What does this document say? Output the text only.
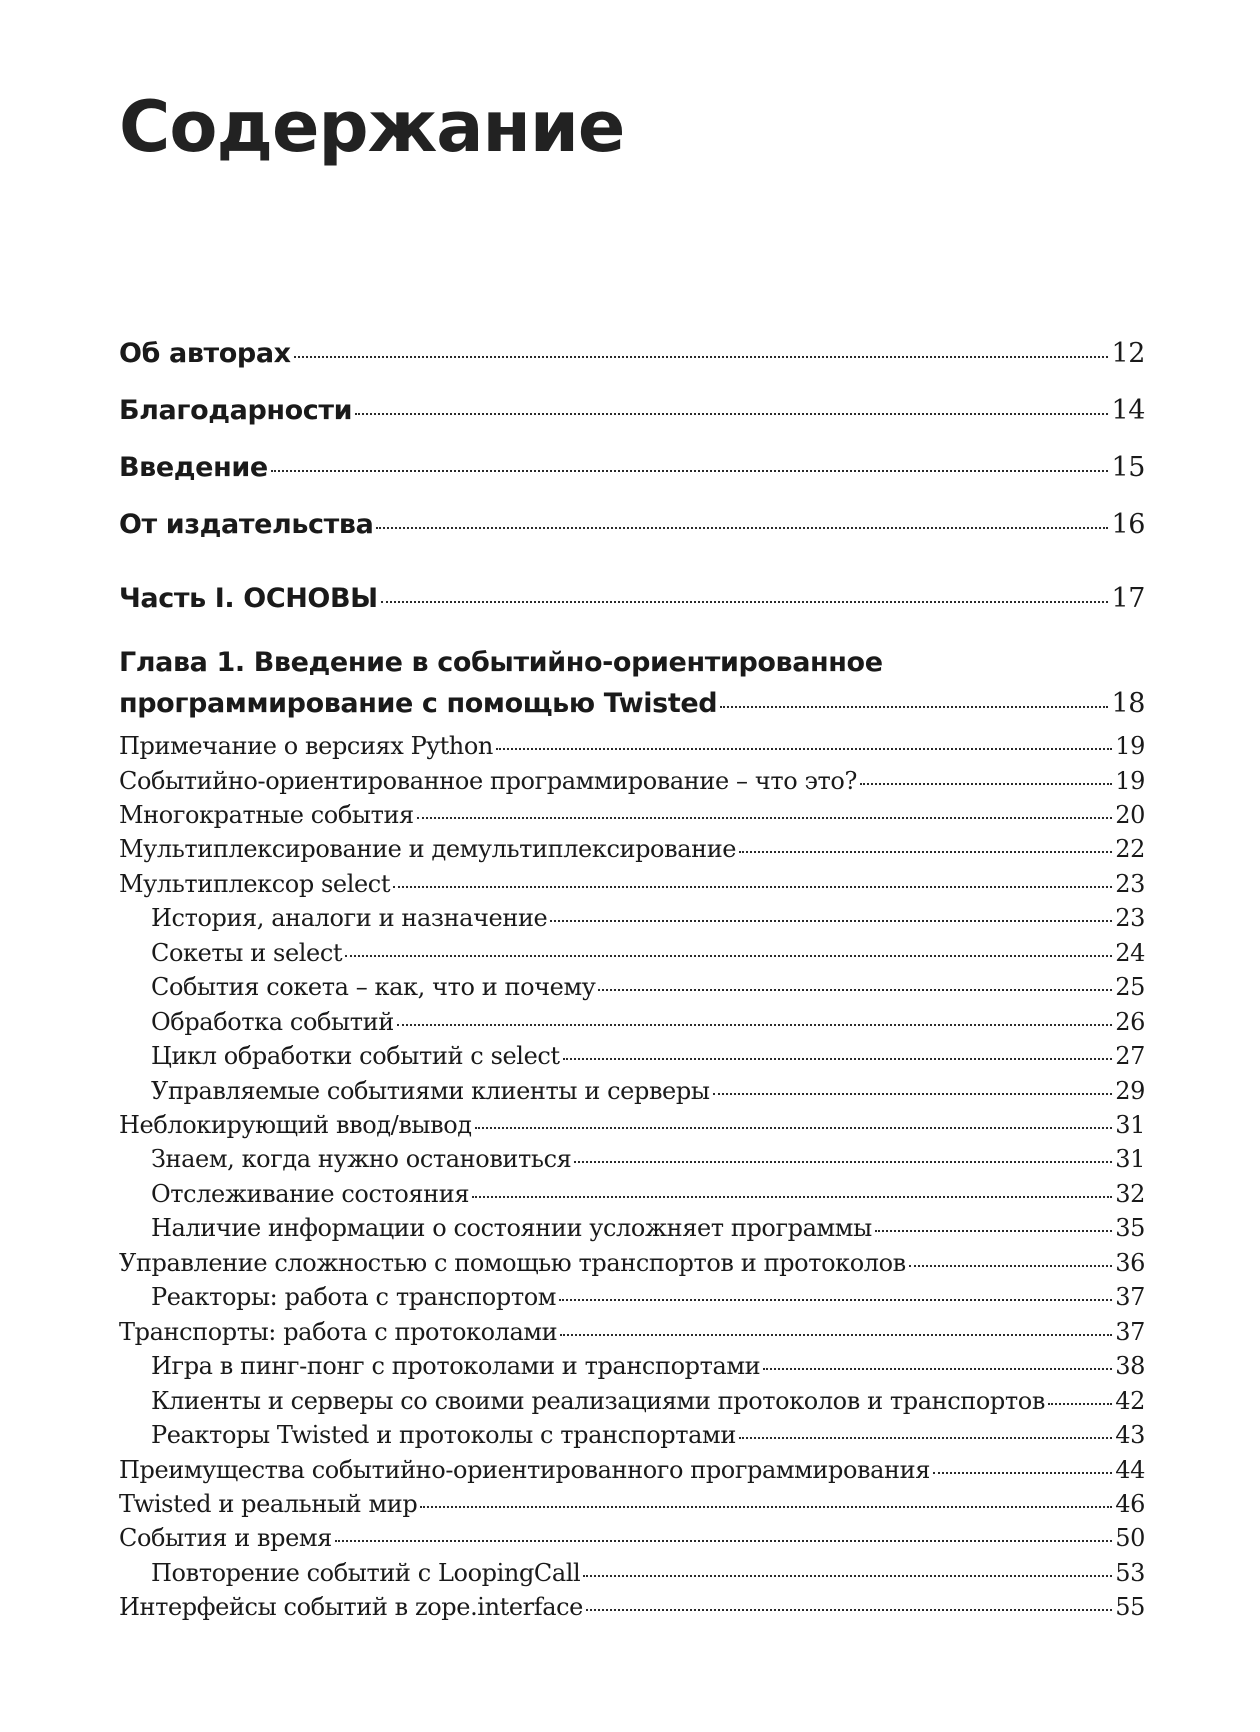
Содержание
Об авторах	12
Благодарности	14
Введение	15
От издательства	16
Часть I. ОСНОВЫ	17
Глава 1. Введение в событийно-ориентированное
программирование с помощью Twisted	18
Примечание о версиях Python	19
Событийно-ориентированное программирование – что это?	19
Многократные события	20
Мультиплексирование и демультиплексирование	22
Мультиплексор select	23
История, аналоги и назначение	23
Сокеты и select	24
События сокета – как, что и почему	25
Обработка событий	26
Цикл обработки событий с select	27
Управляемые событиями клиенты и серверы	29
Неблокирующий ввод/вывод	31
Знаем, когда нужно остановиться	31
Отслеживание состояния	32
Наличие информации о состоянии усложняет программы	35
Управление сложностью с помощью транспортов и протоколов	36
Реакторы: работа с транспортом	37
Транспорты: работа с протоколами	37
Игра в пинг-понг с протоколами и транспортами	38
Клиенты и серверы со своими реализациями протоколов и транспортов	42
Реакторы Twisted и протоколы с транспортами	43
Преимущества событийно-ориентированного программирования	44
Twisted и реальный мир	46
События и время	50
Повторение событий с LoopingCall	53
Интерфейсы событий в zope.interface	55
